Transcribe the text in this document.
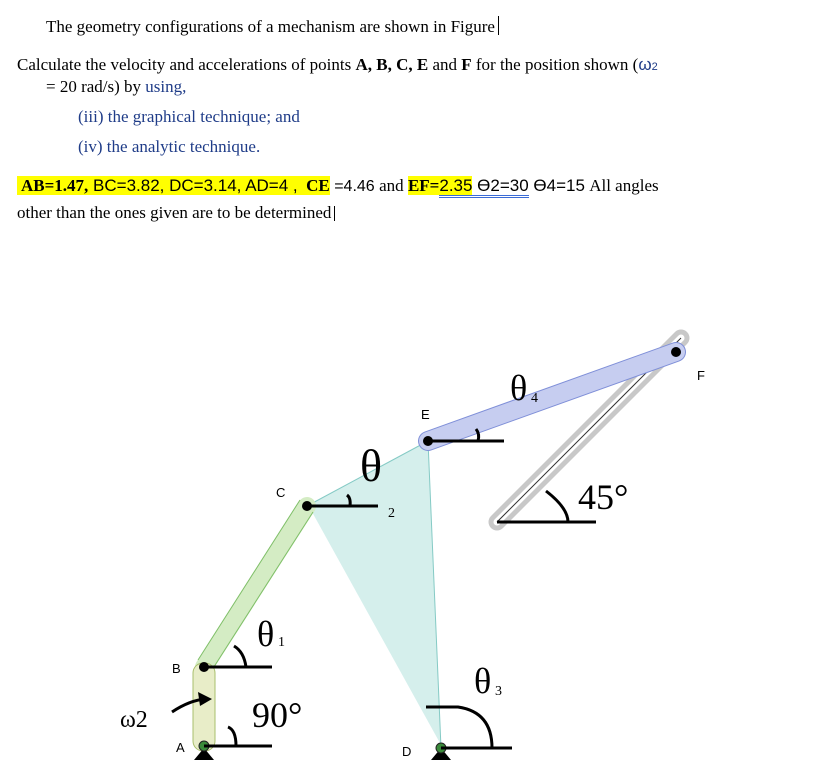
The geometry configurations of a mechanism are shown in Figure
Calculate the velocity and accelerations of points A, B, C, E and F for the position shown (ω2
= 20 rad/s) by using,
(iii) the graphical technique; and
(iv) the analytic technique.
AB=1.47, BC=3.82, DC=3.14, AD=4 , CE =4.46 and EF=2.35 Ө2=30 Ө4=15 All angles
other than the ones given are to be determined
A
B
C
D
E
F
θ 1
θ
2
θ 3
θ 4
90°
45°
ω2
